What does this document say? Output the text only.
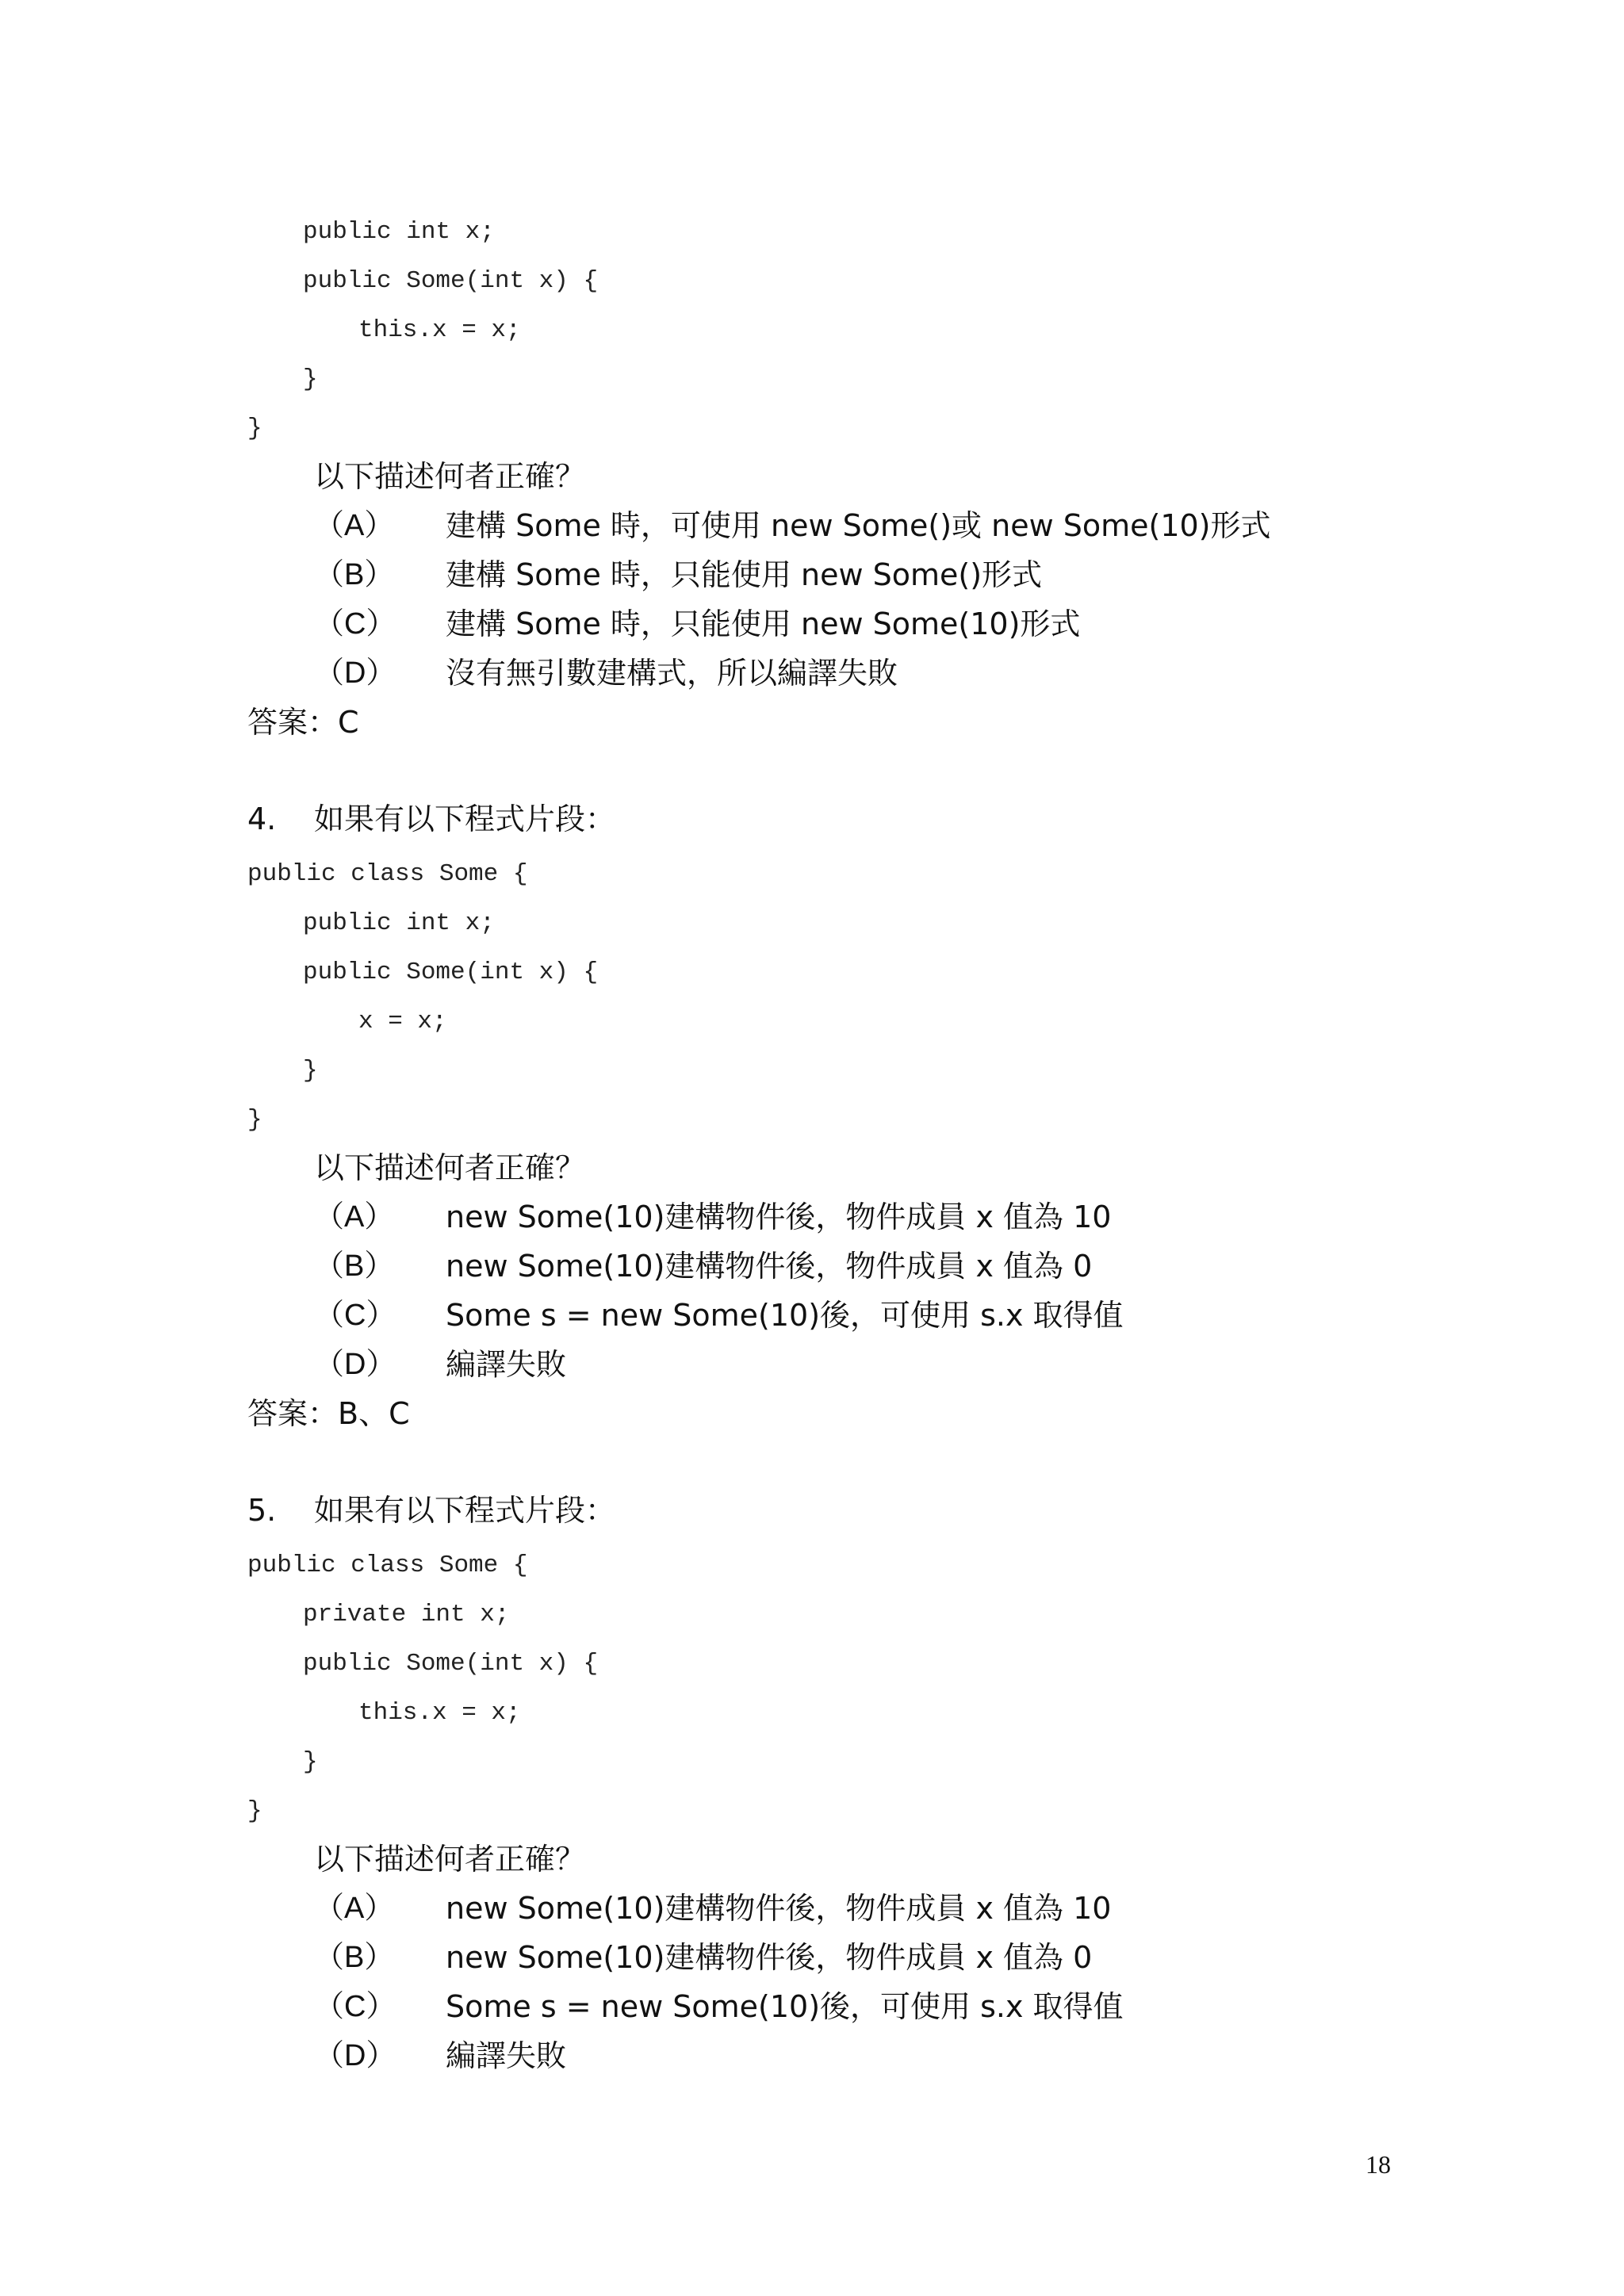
public int x;
public Some(int x) {
this.x = x;
}
}
以下描述何者正確？
（A） 建構 Some 時，可使用 new Some()或 new Some(10)形式
（B） 建構 Some 時，只能使用 new Some()形式
（C） 建構 Some 時，只能使用 new Some(10)形式
（D） 沒有無引數建構式，所以編譯失敗
答案：C
4. 如果有以下程式片段：
public class Some {
public int x;
public Some(int x) {
x = x;
}
}
以下描述何者正確？
（A） new Some(10)建構物件後，物件成員 x 值為 10
（B） new Some(10)建構物件後，物件成員 x 值為 0
（C） Some s = new Some(10)後，可使用 s.x 取得值
（D） 編譯失敗
答案：B、C
5. 如果有以下程式片段：
public class Some {
private int x;
public Some(int x) {
this.x = x;
}
}
以下描述何者正確？
（A） new Some(10)建構物件後，物件成員 x 值為 10
（B） new Some(10)建構物件後，物件成員 x 值為 0
（C） Some s = new Some(10)後，可使用 s.x 取得值
（D） 編譯失敗
18
